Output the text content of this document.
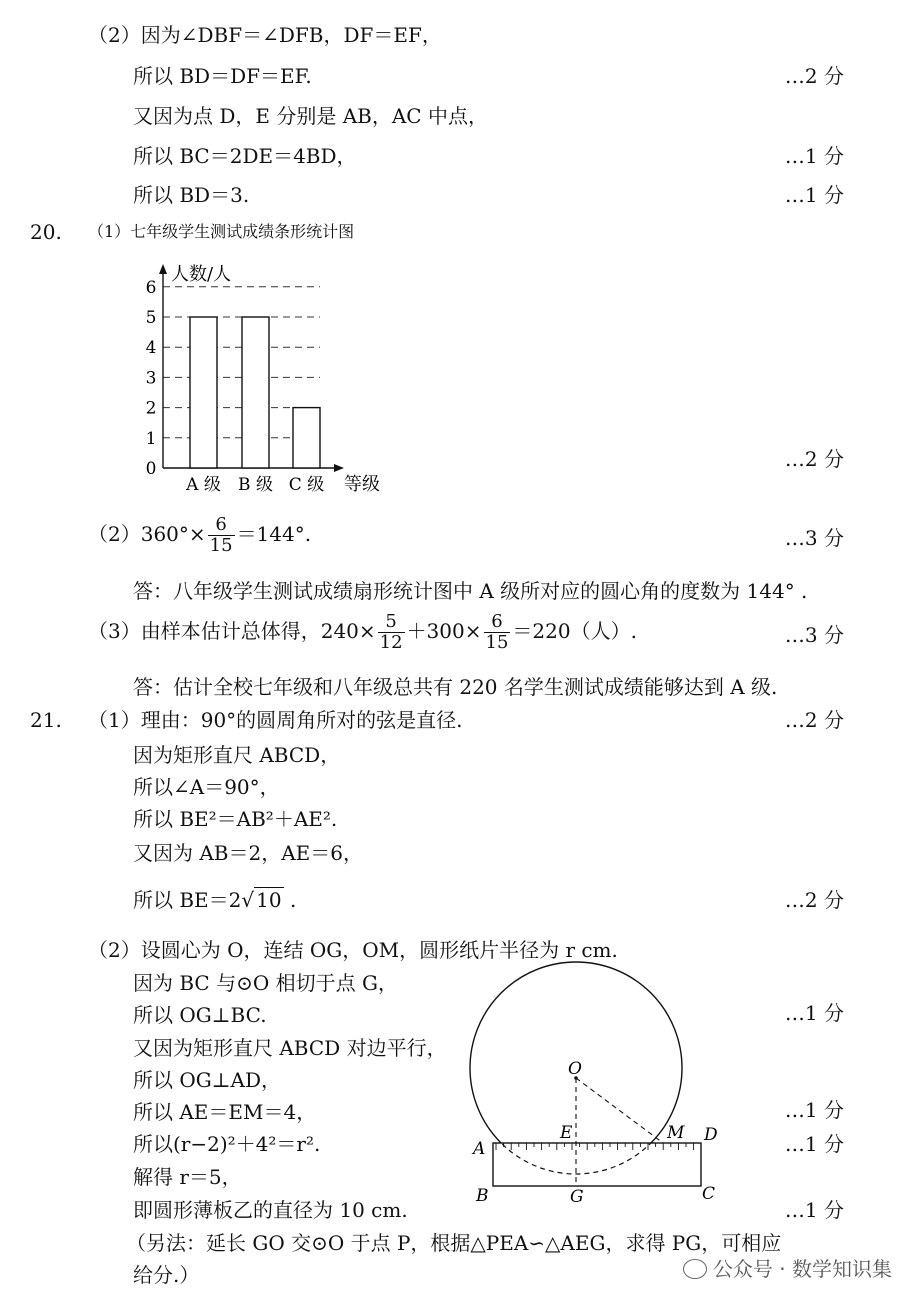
（2）因为∠DBF＝∠DFB，DF＝EF，
所以 BD＝DF＝EF.	…2 分
又因为点 D，E 分别是 AB，AC 中点，
所以 BC＝2DE＝4BD，	…1 分
所以 BD＝3.	…1 分
20. （1）七年级学生测试成绩条形统计图
0
1
2
3
4
5
6
人数/人
等级
A 级 B 级 C 级
…2 分
$(2)360^\circ\times \frac{6}{15} =144^\circ$.	…3 分
答：八年级学生测试成绩扇形统计图中 A 级所对应的圆心角的度数为 144° .
（3）由样本估计总体得，$240\times \frac{5}{12} +300\times \frac{6}{15} =220$（人）.	…3 分
答：估计全校七年级和八年级总共有 220 名学生测试成绩能够达到 A 级.
21. （1）理由：90°的圆周角所对的弦是直径.	…2 分
因为矩形直尺 ABCD，
所以∠A＝90°，
所以 BE²＝AB²＋AE².
又因为 AB＝2，AE＝6，
所以 BE＝2√ 10 .	…2 分
（2）设圆心为 O，连结 OG，OM，圆形纸片半径为 r cm.
因为 BC 与⊙O 相切于点 G，
所以 OG⊥BC.	…1 分
又因为矩形直尺 ABCD 对边平行，
所以 OG⊥AD，
所以 AE＝EM＝4，	…1 分
所以(r−2)²＋4²＝r².	…1 分
解得 r＝5，
即圆形薄板乙的直径为 10 cm.	…1 分
（另法：延长 GO 交⊙O 于点 P，根据△PEA∽△AEG，求得 PG，可相应
给分.）
O
E	M D
A
B	G	C
公众号 · 数学知识集
